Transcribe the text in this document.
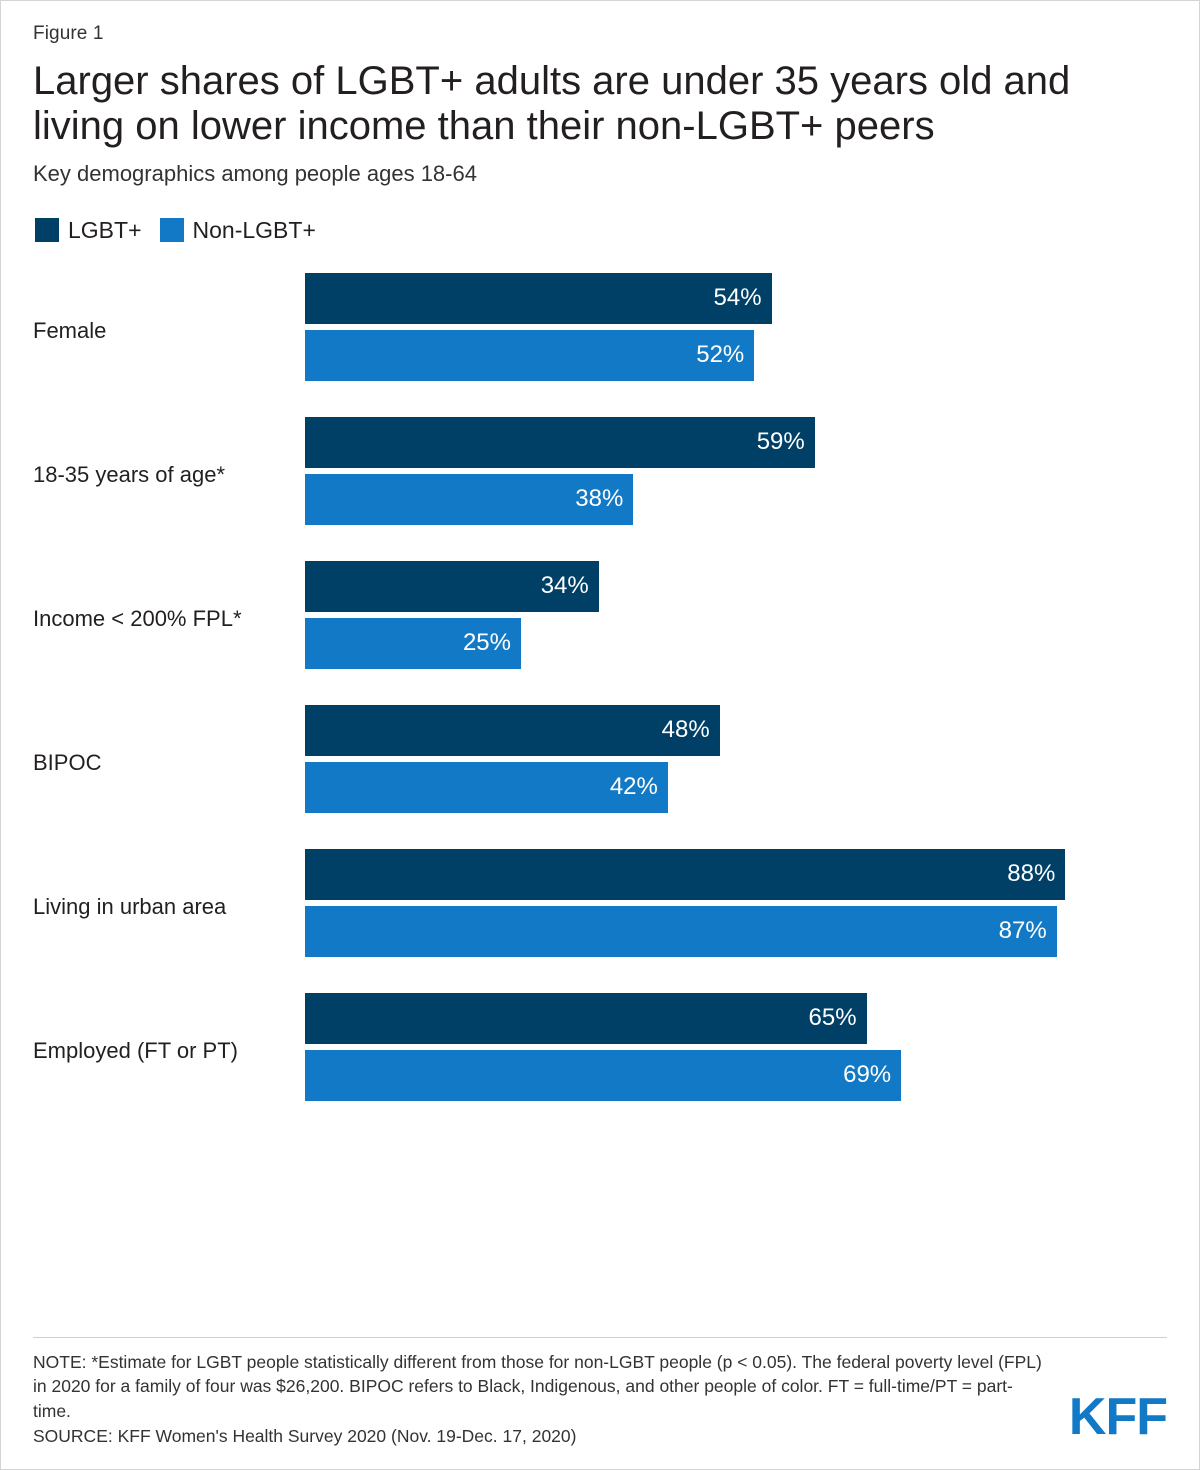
Figure 1
Larger shares of LGBT+ adults are under 35 years old and living on lower income than their non-LGBT+ peers
Key demographics among people ages 18-64
LGBT+ Non-LGBT+
Female
54%
52%
18-35 years of age*
59%
38%
Income < 200% FPL*
34%
25%
BIPOC
48%
42%
Living in urban area
88%
87%
Employed (FT or PT)
65%
69%

NOTE: *Estimate for LGBT people statistically different from those for non-LGBT people (p < 0.05). The federal poverty level (FPL) in 2020 for a family of four was $26,200. BIPOC refers to Black, Indigenous, and other people of color. FT = full-time/PT = part-time.

SOURCE: KFF Women's Health Survey 2020 (Nov. 19-Dec. 17, 2020)	KFF
